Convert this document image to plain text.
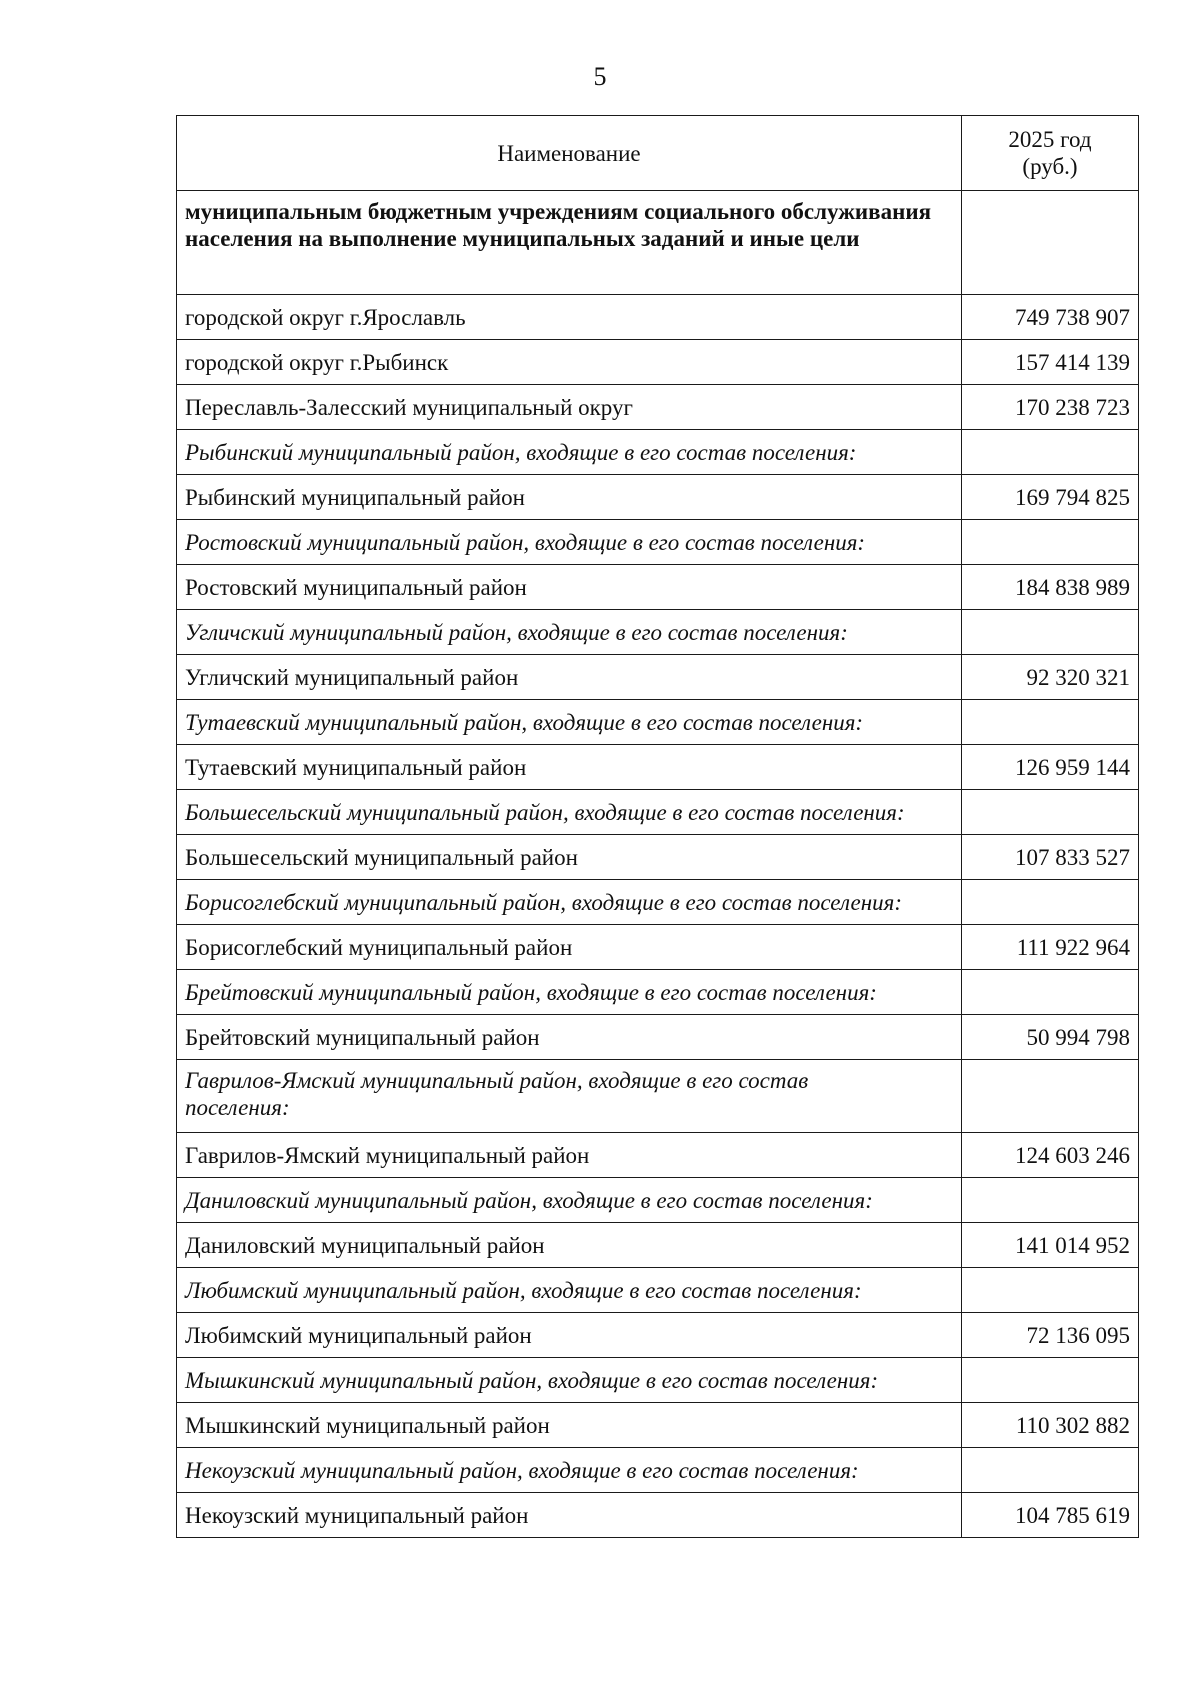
5
Наименование	2025 год
(руб.)
муниципальным бюджетным учреждениям социального обслуживания населения на выполнение муниципальных заданий и иные цели	
городской округ г.Ярославль	749 738 907
городской округ г.Рыбинск	157 414 139
Переславль-Залесский муниципальный округ	170 238 723
Рыбинский муниципальный район, входящие в его состав поселения:	
Рыбинский муниципальный район	169 794 825
Ростовский муниципальный район, входящие в его состав поселения:	
Ростовский муниципальный район	184 838 989
Угличский муниципальный район, входящие в его состав поселения:	
Угличский муниципальный район	92 320 321
Тутаевский муниципальный район, входящие в его состав поселения:	
Тутаевский муниципальный район	126 959 144
Большесельский муниципальный район, входящие в его состав поселения:	
Большесельский муниципальный район	107 833 527
Борисоглебский муниципальный район, входящие в его состав поселения:	
Борисоглебский муниципальный район	111 922 964
Брейтовский муниципальный район, входящие в его состав поселения:	
Брейтовский муниципальный район	50 994 798
Гаврилов-Ямский муниципальный район, входящие в его состав поселения:	
Гаврилов-Ямский муниципальный район	124 603 246
Даниловский муниципальный район, входящие в его состав поселения:	
Даниловский муниципальный район	141 014 952
Любимский муниципальный район, входящие в его состав поселения:	
Любимский муниципальный район	72 136 095
Мышкинский муниципальный район, входящие в его состав поселения:	
Мышкинский муниципальный район	110 302 882
Некоузский муниципальный район, входящие в его состав поселения:	
Некоузский муниципальный район	104 785 619
